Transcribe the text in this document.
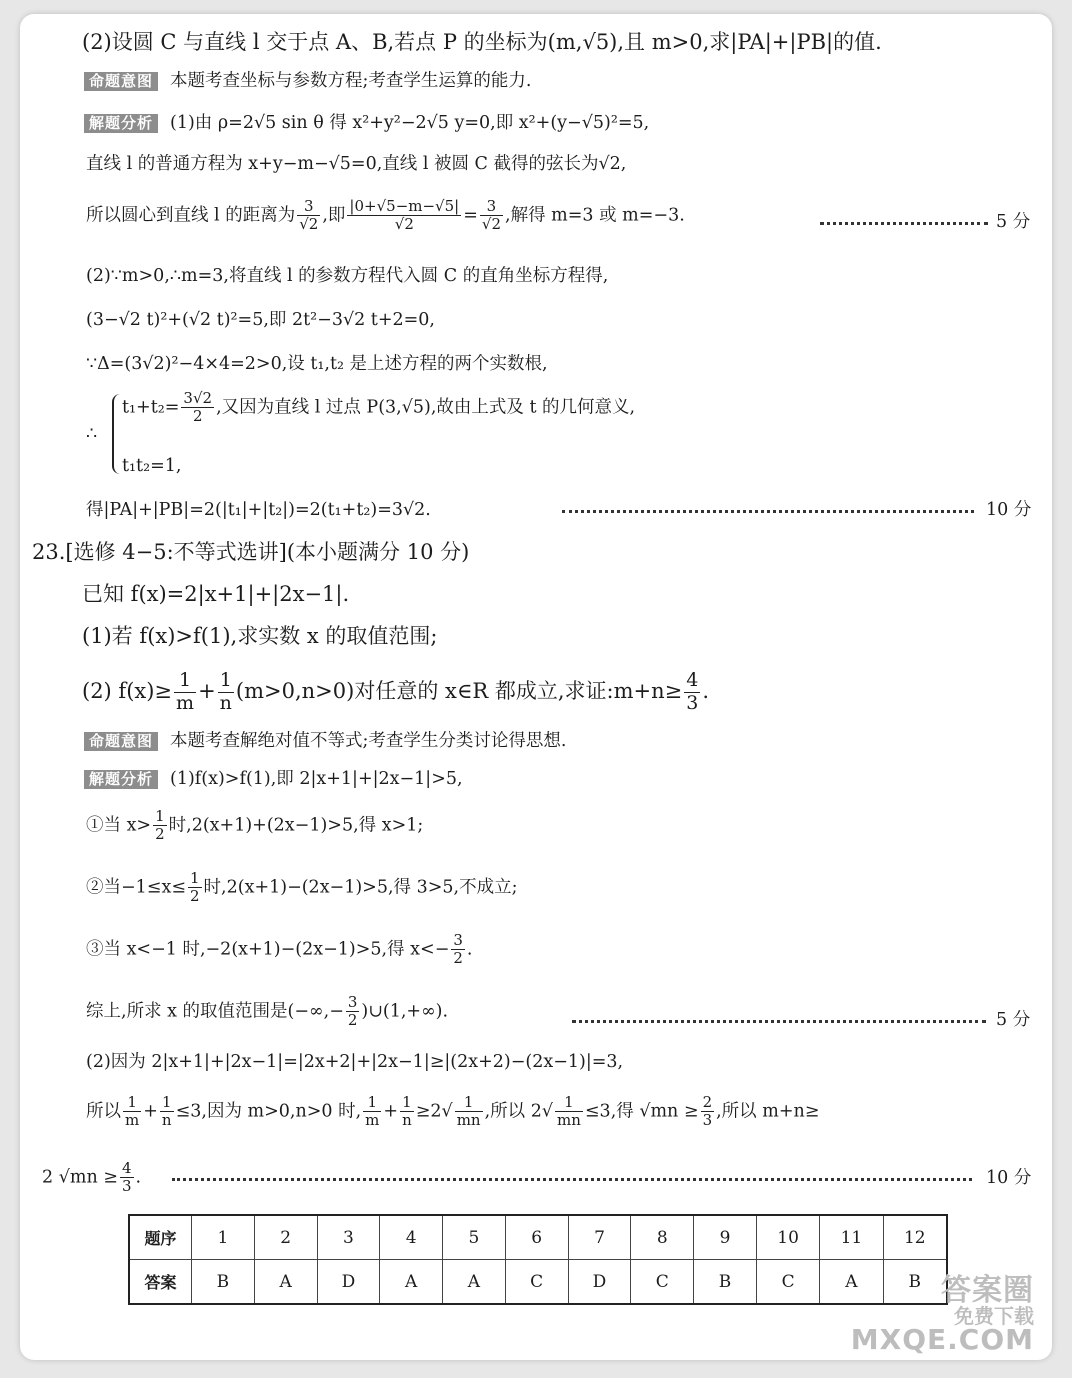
(2)设圆 C 与直线 l 交于点 A、B,若点 P 的坐标为(m,√5),且 m>0,求|PA|+|PB|的值.
命题意图 本题考查坐标与参数方程;考查学生运算的能力.
解题分析 (1)由 ρ=2√5 sin θ 得 x²+y²−2√5 y=0,即 x²+(y−√5)²=5,
直线 l 的普通方程为 x+y−m−√5=0,直线 l 被圆 C 截得的弦长为√2,
所以圆心到直线 l 的距离为 $\frac{3}{√2}$ ,即 $\frac{|0+√5-m-√5|}{√2} = \frac{3}{√2}$ ,解得 m=3 或 m=−3.	5 分
(2)∵m>0,∴m=3,将直线 l 的参数方程代入圆 C 的直角坐标方程得,
(3−√2 t)²+(√2 t)²=5,即 2t²−3√2 t+2=0,
∵Δ=(3√2)²−4×4=2>0,设 t₁,t₂ 是上述方程的两个实数根,
∴
$t_1+t_2= \frac{3√2}{2}$ ,又因为直线 l 过点 P(3,√5),故由上式及 t 的几何意义,
t₁t₂=1,
得|PA|+|PB|=2(|t₁|+|t₂|)=2(t₁+t₂)=3√2.	10 分
23.[选修 4−5:不等式选讲](本小题满分 10 分)
已知 f(x)=2|x+1|+|2x−1|.
(1)若 f(x)>f(1),求实数 x 的取值范围;
(2) $f(x)\ge \frac{1}{m} + \frac{1}{n} (m>0,n>0)$对任意的 x∈R 都成立,求证:m+n≥ $\frac{4}{3}$ .
命题意图 本题考查解绝对值不等式;考查学生分类讨论得思想.
解题分析 (1)f(x)>f(1),即 2|x+1|+|2x−1|>5,
①当 $x> \frac{1}{2}$ 时,2(x+1)+(2x−1)>5,得 x>1;
②当$-1\le x\le \frac{1}{2}$ 时,2(x+1)−(2x−1)>5,得 3>5,不成立;
③当 x<−1 时,−2(x+1)−(2x−1)>5,得 $x<- \frac{3}{2}$ .
综上,所求 x 的取值范围是(−∞,− $\frac{3}{2}$ )∪(1,+∞).	5 分
(2)因为 2|x+1|+|2x−1|=|2x+2|+|2x−1|≥|(2x+2)−(2x−1)|=3,
所以 $\frac{1}{m} + \frac{1}{n} \le 3$,因为 m>0,n>0 时, $\frac{1}{m} + \frac{1}{n} \ge 2√ \frac{1}{mn}$ ,所以 $2√ \frac{1}{mn} \le 3$,得 $√mn \ge \frac{2}{3}$ ,所以 m+n≥
2 $√mn \ge \frac{4}{3}$ .	10 分
题序	1	2	3	4	5	6	7	8	9	10	11	12
答案	B	A	D	A	A	C	D	C	B	C	A	B 答案圈
免费下载
MXQE.COM
